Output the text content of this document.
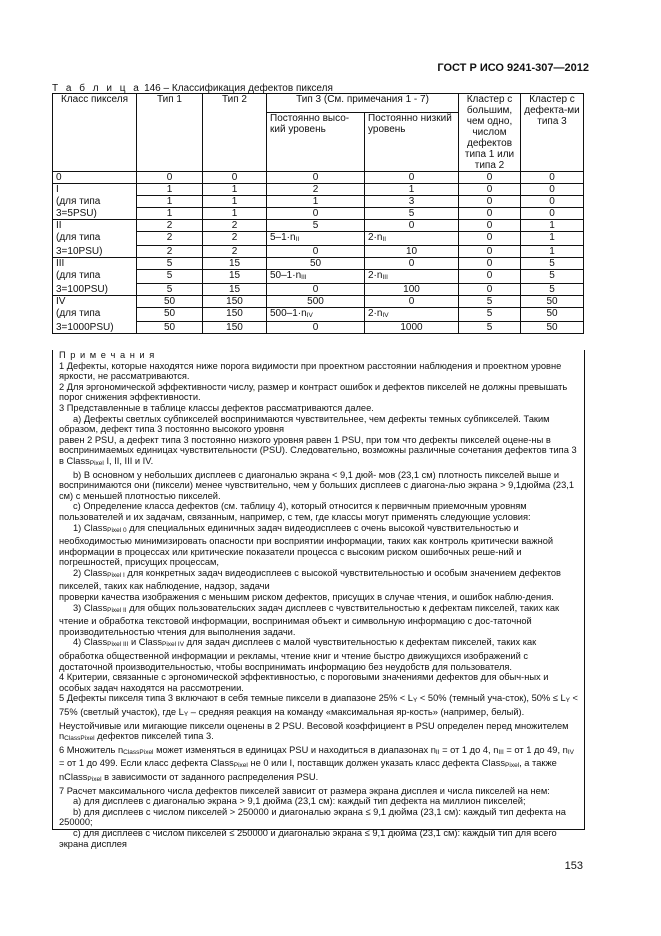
ГОСТ Р ИСО 9241-307—2012
Т а б л и ц а 146 – Классификация дефектов пикселя
Класс пикселя	Тип 1	Тип 2	Тип 3 (См. примечания 1 - 7)		Кластер с большим, чем одно, числом дефектов типа 1 или типа 2	Кластер с дефекта-ми типа 3
			Постоянно высо-кий уровень	Постоянно низкий уровень		
0	0	0	0	0	0	0
I	1	1	2	1	0	0
(для типа	1	1	1	3	0	0
3=5PSU)	1	1	0	5	0	0
II	2	2	5	0	0	1
(для типа	2	2	$5-1\cdot n_{II}$	$2\cdot n_{II}$	0	1
3=10PSU)	2	2	0	10	0	1
III	5	15	50	0	0	5
(для типа	5	15	$50-1\cdot n_{III}$	$2\cdot n_{III}$	0	5
3=100PSU)	5	15	0	100	0	5
IV	50	150	500	0	5	50
(для типа	50	150	$500-1\cdot n_{IV}$	$2\cdot n_{IV}$	5	50
3=1000PSU)	50	150	0	1000	5	50

П р и м е ч а н и я

1 Дефекты, которые находятся ниже порога видимости при проектном расстоянии наблюдения и проектном уровне яркости, не рассматриваются.

2 Для эргономической эффективности числу, размер и контраст ошибок и дефектов пикселей не должны превышать порог снижения эффективности.

3 Представленные в таблице классы дефектов рассматриваются далее.

а) Дефекты светлых субпикселей воспринимаются чувствительнее, чем дефекты темных субпикселей. Таким образом, дефект типа 3 постоянно высокого уровня

равен 2 PSU, а дефект типа 3 постоянно низкого уровня равен 1 PSU, при том что дефекты пикселей оцене-ны в воспринимаемых единицах чувствительности (PSU). Следовательно, возможны различные сочетания дефектов типа 3 в Class$_{Pixel}$ I, II, III и IV.

b) В основном у небольших дисплеев с диагональю экрана < 9,1 дюй- мов (23,1 см) плотность пикселей выше и воспринимаются они (пиксели) менее чувствительно, чем у больших дисплеев с диагона-лью экрана > 9,1дюйма (23,1 см) с меньшей плотностью пикселей.

с) Определение класса дефектов (см. таблицу 4), который относится к первичным приемочным уровням пользователей и их задачам, связанным, например, с тем, где классы могут применять следующие условия:

1) Class$_{Pixel 0}$ для специальных единичных задач видеодисплеев с очень высокой чувствительностью и необходимостью минимизировать опасности при восприятии информации, таких как контроль критически важной информации в процессах или критические показатели процесса с высоким риском ошибочных реше-ний и погрешностей, присущих процессам,

2) Class$_{Pixel I}$ для конкретных задач видеодисплеев с высокой чувствительностью и особым значением дефектов пикселей, таких как наблюдение, надзор, задачи

проверки качества изображения с меньшим риском дефектов, присущих в случае чтения, и ошибок наблю-дения.

3) Class$_{Pixel II}$ для общих пользовательских задач дисплеев с чувствительностью к дефектам пикселей, таких как чтение и обработка текстовой информации, воспринимая объект и символьную информацию с дос-таточной производительностью чтения для выполнения задачи.

4) Class$_{Pixel III}$ и Class$_{Pixel IV}$ для задач дисплеев с малой чувствительностью к дефектам пикселей, таких как обработка общественной информации и рекламы, чтение книг и чтение быстро движущихся изображений с достаточной производительностью, чтобы воспринимать информацию без неудобств для пользователя.

4 Критерии, связанные с эргономической эффективностью, с пороговыми значениями дефектов для обыч-ных и особых задач находятся на рассмотрении.

5 Дефекты пикселя типа 3 включают в себя темные пиксели в диапазоне $25\% < L_Y < 50\%$ (темный уча-сток), $50\% \le L_Y < 75\%$ (светлый участок), где $L_Y$ – средняя реакция на команду «максимальная яр-кость» (например, белый). Неустойчивые или мигающие пиксели оценены в 2 PSU. Весовой коэффициент в PSU определен перед множителем $n_{ClassPixel}$ дефектов пикселей типа 3.

6 Множитель $n_{ClassPixel}$ может изменяться в единицах PSU и находиться в диапазонах $n_{II}$ = от 1 до 4, $n_{III}$ = от 1 до 49, $n_{IV}$ = от 1 до 499. Если класс дефекта Class$_{Pixel}$ не 0 или I, поставщик должен указать класс дефекта Class$_{Pixel}$, а также nClass$_{Pixel}$ в зависимости от заданного распределения PSU.

7 Расчет максимального числа дефектов пикселей зависит от размера экрана дисплея и числа пикселей на нем:

а) для дисплеев с диагональю экрана > 9,1 дюйма (23,1 см): каждый тип дефекта на миллион пикселей;

b) для дисплеев с числом пикселей > 250000 и диагональю экрана ≤ 9,1 дюйма (23,1 см): каждый тип дефекта на 250000;

с) для дисплеев с числом пикселей ≤ 250000 и диагональю экрана ≤ 9,1 дюйма (23,1 см): каждый тип для всего экрана дисплея

153
